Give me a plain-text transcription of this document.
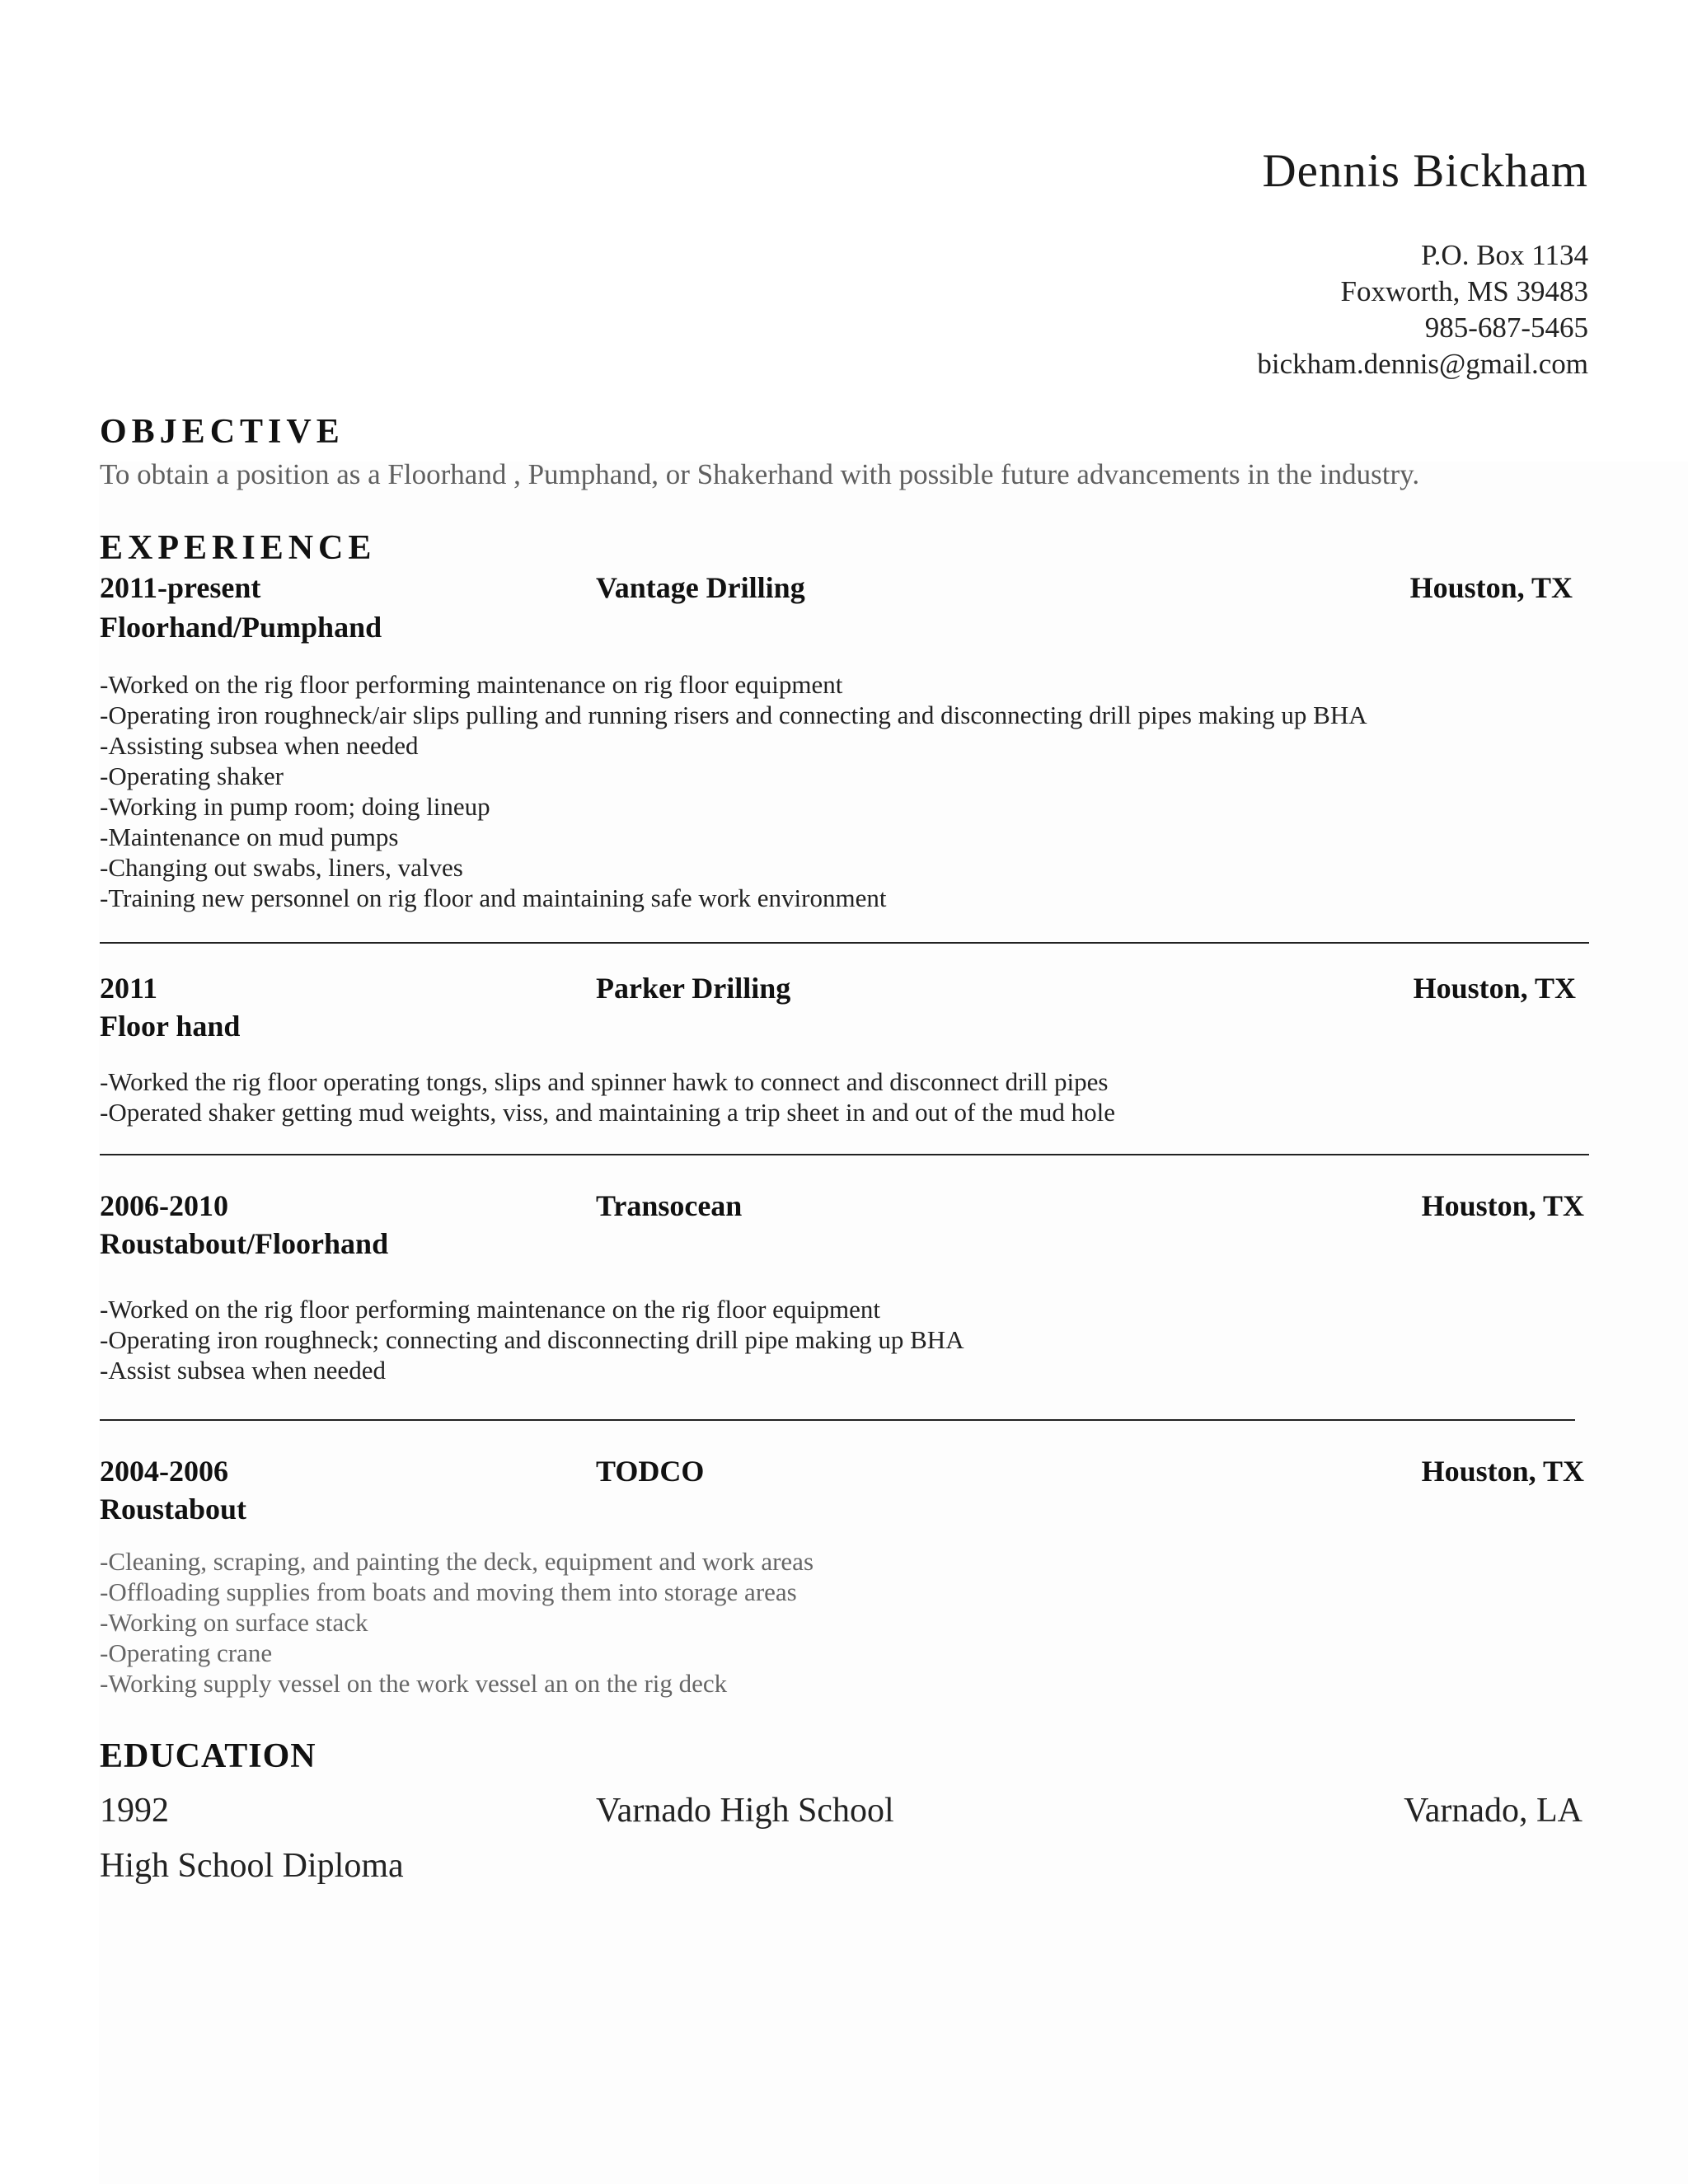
Dennis Bickham
P.O. Box 1134
Foxworth, MS 39483
985-687-5465
bickham.dennis@gmail.com
OBJECTIVE
To obtain a position as a Floorhand , Pumphand, or Shakerhand with possible future advancements in the industry.
EXPERIENCE
2011-present	Vantage Drilling	Houston, TX
Floorhand/Pumphand
-Worked on the rig floor performing maintenance on rig floor equipment
-Operating iron roughneck/air slips pulling and running risers and connecting and disconnecting drill pipes making up BHA
-Assisting subsea when needed
-Operating shaker
-Working in pump room; doing lineup
-Maintenance on mud pumps
-Changing out swabs, liners, valves
-Training new personnel on rig floor and maintaining safe work environment
2011	Parker Drilling	Houston, TX
Floor hand
-Worked the rig floor operating tongs, slips and spinner hawk to connect and disconnect drill pipes
-Operated shaker getting mud weights, viss, and maintaining a trip sheet in and out of the mud hole
2006-2010	Transocean	Houston, TX
Roustabout/Floorhand
-Worked on the rig floor performing maintenance on the rig floor equipment
-Operating iron roughneck; connecting and disconnecting drill pipe making up BHA
-Assist subsea when needed
2004-2006	TODCO	Houston, TX
Roustabout
-Cleaning, scraping, and painting the deck, equipment and work areas
-Offloading supplies from boats and moving them into storage areas
-Working on surface stack
-Operating crane
-Working supply vessel on the work vessel an on the rig deck
EDUCATION
1992	Varnado High School	Varnado, LA
High School Diploma
